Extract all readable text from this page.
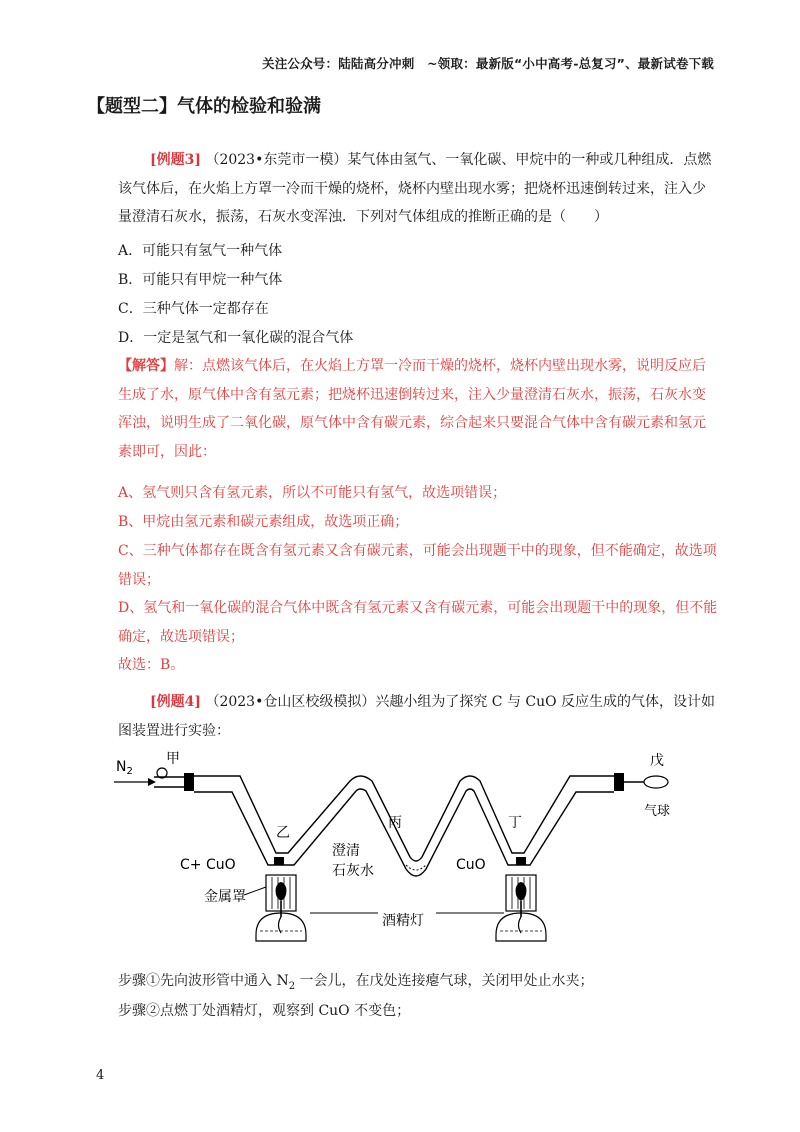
关注公众号：陆陆高分冲刺　~领取：最新版“小中高考-总复习”、最新试卷下载
【题型二】气体的检验和验满
[例题3] （2023•东莞市一模）某气体由氢气、一氧化碳、甲烷中的一种或几种组成．点燃该气体后，在火焰上方罩一冷而干燥的烧杯，烧杯内壁出现水雾；把烧杯迅速倒转过来，注入少量澄清石灰水，振荡，石灰水变浑浊．下列对气体组成的推断正确的是（　　）
A．可能只有氢气一种气体
B．可能只有甲烷一种气体
C．三种气体一定都存在
D．一定是氢气和一氧化碳的混合气体
【解答】解：点燃该气体后，在火焰上方罩一冷而干燥的烧杯，烧杯内壁出现水雾，说明反应后生成了水，原气体中含有氢元素；把烧杯迅速倒转过来，注入少量澄清石灰水，振荡，石灰水变浑浊，说明生成了二氧化碳，原气体中含有碳元素，综合起来只要混合气体中含有碳元素和氢元素即可，因此：
A、氢气则只含有氢元素，所以不可能只有氢气，故选项错误；
B、甲烷由氢元素和碳元素组成，故选项正确；
C、三种气体都存在既含有氢元素又含有碳元素，可能会出现题干中的现象，但不能确定，故选项错误；
D、氢气和一氧化碳的混合气体中既含有氢元素又含有碳元素，可能会出现题干中的现象，但不能确定，故选项错误；
故选：B。
[例题4] （2023•仓山区校级模拟）兴趣小组为了探究 C 与 CuO 反应生成的气体，设计如图装置进行实验：
$N_2$
甲	戊
气球
乙
丙	丁
C+ CuO
澄清
石灰水	CuO
金属罩
酒精灯
步骤①先向波形管中通入 $N_2$ 一会儿，在戊处连接瘪气球，关闭甲处止水夹；
步骤②点燃丁处酒精灯，观察到 CuO 不变色；
4
